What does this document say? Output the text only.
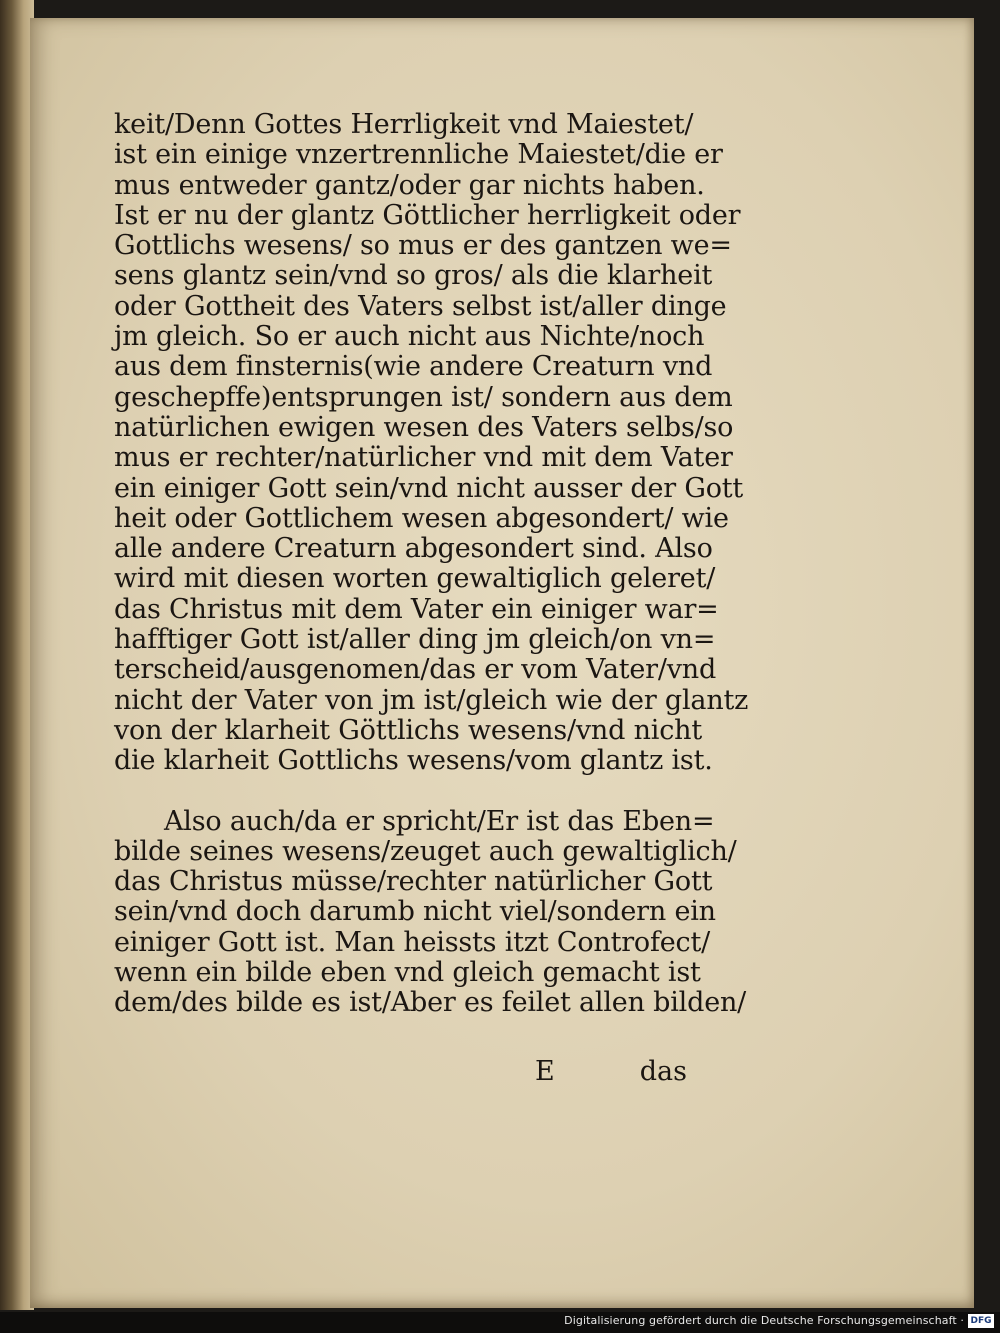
keit/Denn Gottes Herrligkeit vnd Maiestet/
ist ein einige vnzertrennliche Maiestet/die er
mus entweder gantz/oder gar nichts haben.
Ist er nu der glantz Göttlicher herrligkeit oder
Gottlichs wesens/ so mus er des gantzen we=
sens glantz sein/vnd so gros/ als die klarheit
oder Gottheit des Vaters selbst ist/aller dinge
jm gleich. So er auch nicht aus Nichte/noch
aus dem finsternis(wie andere Creaturn vnd
geschepffe)entsprungen ist/ sondern aus dem
natürlichen ewigen wesen des Vaters selbs/so
mus er rechter/natürlicher vnd mit dem Vater
ein einiger Gott sein/vnd nicht ausser der Gott
heit oder Gottlichem wesen abgesondert/ wie
alle andere Creaturn abgesondert sind. Also
wird mit diesen worten gewaltiglich geleret/
das Christus mit dem Vater ein einiger war=
hafftiger Gott ist/aller ding jm gleich/on vn=
terscheid/ausgenomen/das er vom Vater/vnd
nicht der Vater von jm ist/gleich wie der glantz
von der klarheit Göttlichs wesens/vnd nicht
die klarheit Gottlichs wesens/vom glantz ist.
Also auch/da er spricht/Er ist das Eben=
bilde seines wesens/zeuget auch gewaltiglich/
das Christus müsse/rechter natürlicher Gott
sein/vnd doch darumb nicht viel/sondern ein
einiger Gott ist. Man heissts itzt Controfect/
wenn ein bilde eben vnd gleich gemacht ist
dem/des bilde es ist/Aber es feilet allen bilden/
E	das
Digitalisierung gefördert durch die Deutsche Forschungsgemeinschaft · DFG
